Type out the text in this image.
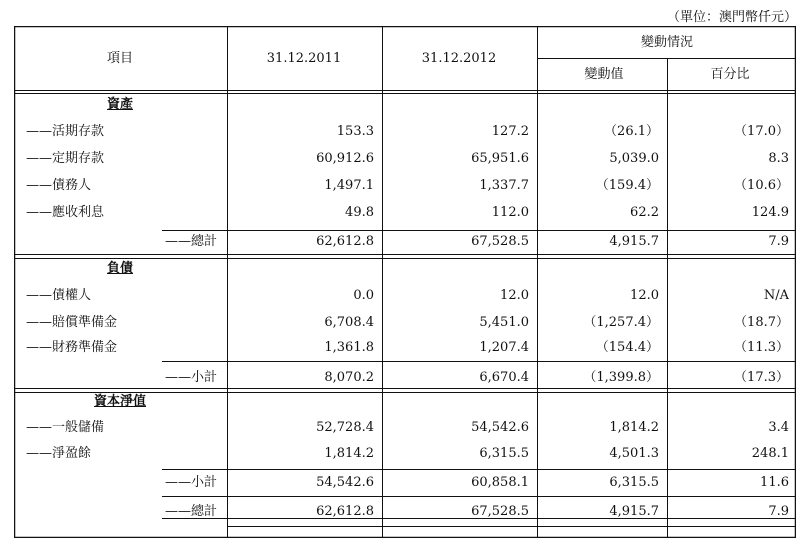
（單位：澳門幣仟元）
項目	31.12.2011	31.12.2012
變動情況
變動值	百分比
資產
——活期存款	153.3	127.2	（26.1）	（17.0）
——定期存款	60,912.6	65,951.6	5,039.0	8.3
——債務人	1,497.1	1,337.7	（159.4）	（10.6）
——應收利息	49.8	112.0	62.2	124.9
——總計	62,612.8	67,528.5	4,915.7	7.9
負債
——債權人	0.0	12.0	12.0	N/A
——賠償準備金	6,708.4	5,451.0	（1,257.4）	（18.7）
——財務準備金	1,361.8	1,207.4	（154.4）	（11.3）
——小計	8,070.2	6,670.4	（1,399.8）	（17.3）
資本淨值
——一般儲備	52,728.4	54,542.6	1,814.2	3.4
——淨盈餘	1,814.2	6,315.5	4,501.3	248.1
——小計	54,542.6	60,858.1	6,315.5	11.6
——總計	62,612.8	67,528.5	4,915.7	7.9
